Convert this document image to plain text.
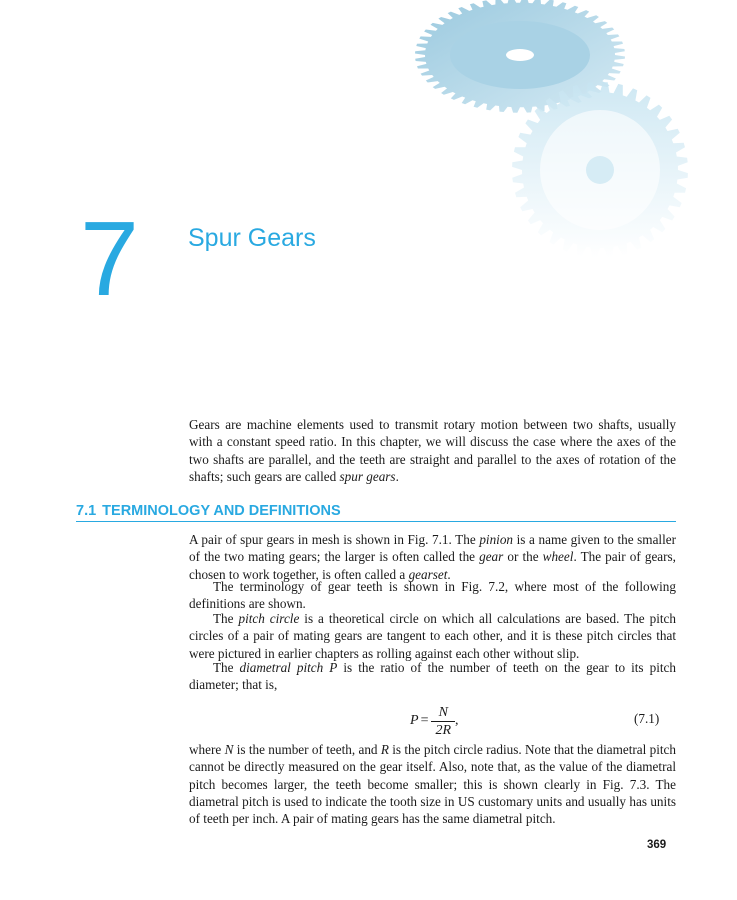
7 Spur Gears

Gears are machine elements used to transmit rotary motion between two shafts, usually with a constant speed ratio. In this chapter, we will discuss the case where the axes of the two shafts are parallel, and the teeth are straight and parallel to the axes of rotation of the shafts; such gears are called spur gears.

7.1 TERMINOLOGY AND DEFINITIONS

A pair of spur gears in mesh is shown in Fig. 7.1. The pinion is a name given to the smaller of the two mating gears; the larger is often called the gear or the wheel. The pair of gears, chosen to work together, is often called a gearset.

The terminology of gear teeth is shown in Fig. 7.2, where most of the following definitions are shown.

The pitch circle is a theoretical circle on which all calculations are based. The pitch circles of a pair of mating gears are tangent to each other, and it is these pitch circles that were pictured in earlier chapters as rolling against each other without slip.

The diametral pitch P is the ratio of the number of teeth on the gear to its pitch diameter; that is,

$P = \frac{N}{2R}$ ,	(7.1)

where N is the number of teeth, and R is the pitch circle radius. Note that the diametral pitch cannot be directly measured on the gear itself. Also, note that, as the value of the diametral pitch becomes larger, the teeth become smaller; this is shown clearly in Fig. 7.3. The diametral pitch is used to indicate the tooth size in US customary units and usually has units of teeth per inch. A pair of mating gears has the same diametral pitch.

369
